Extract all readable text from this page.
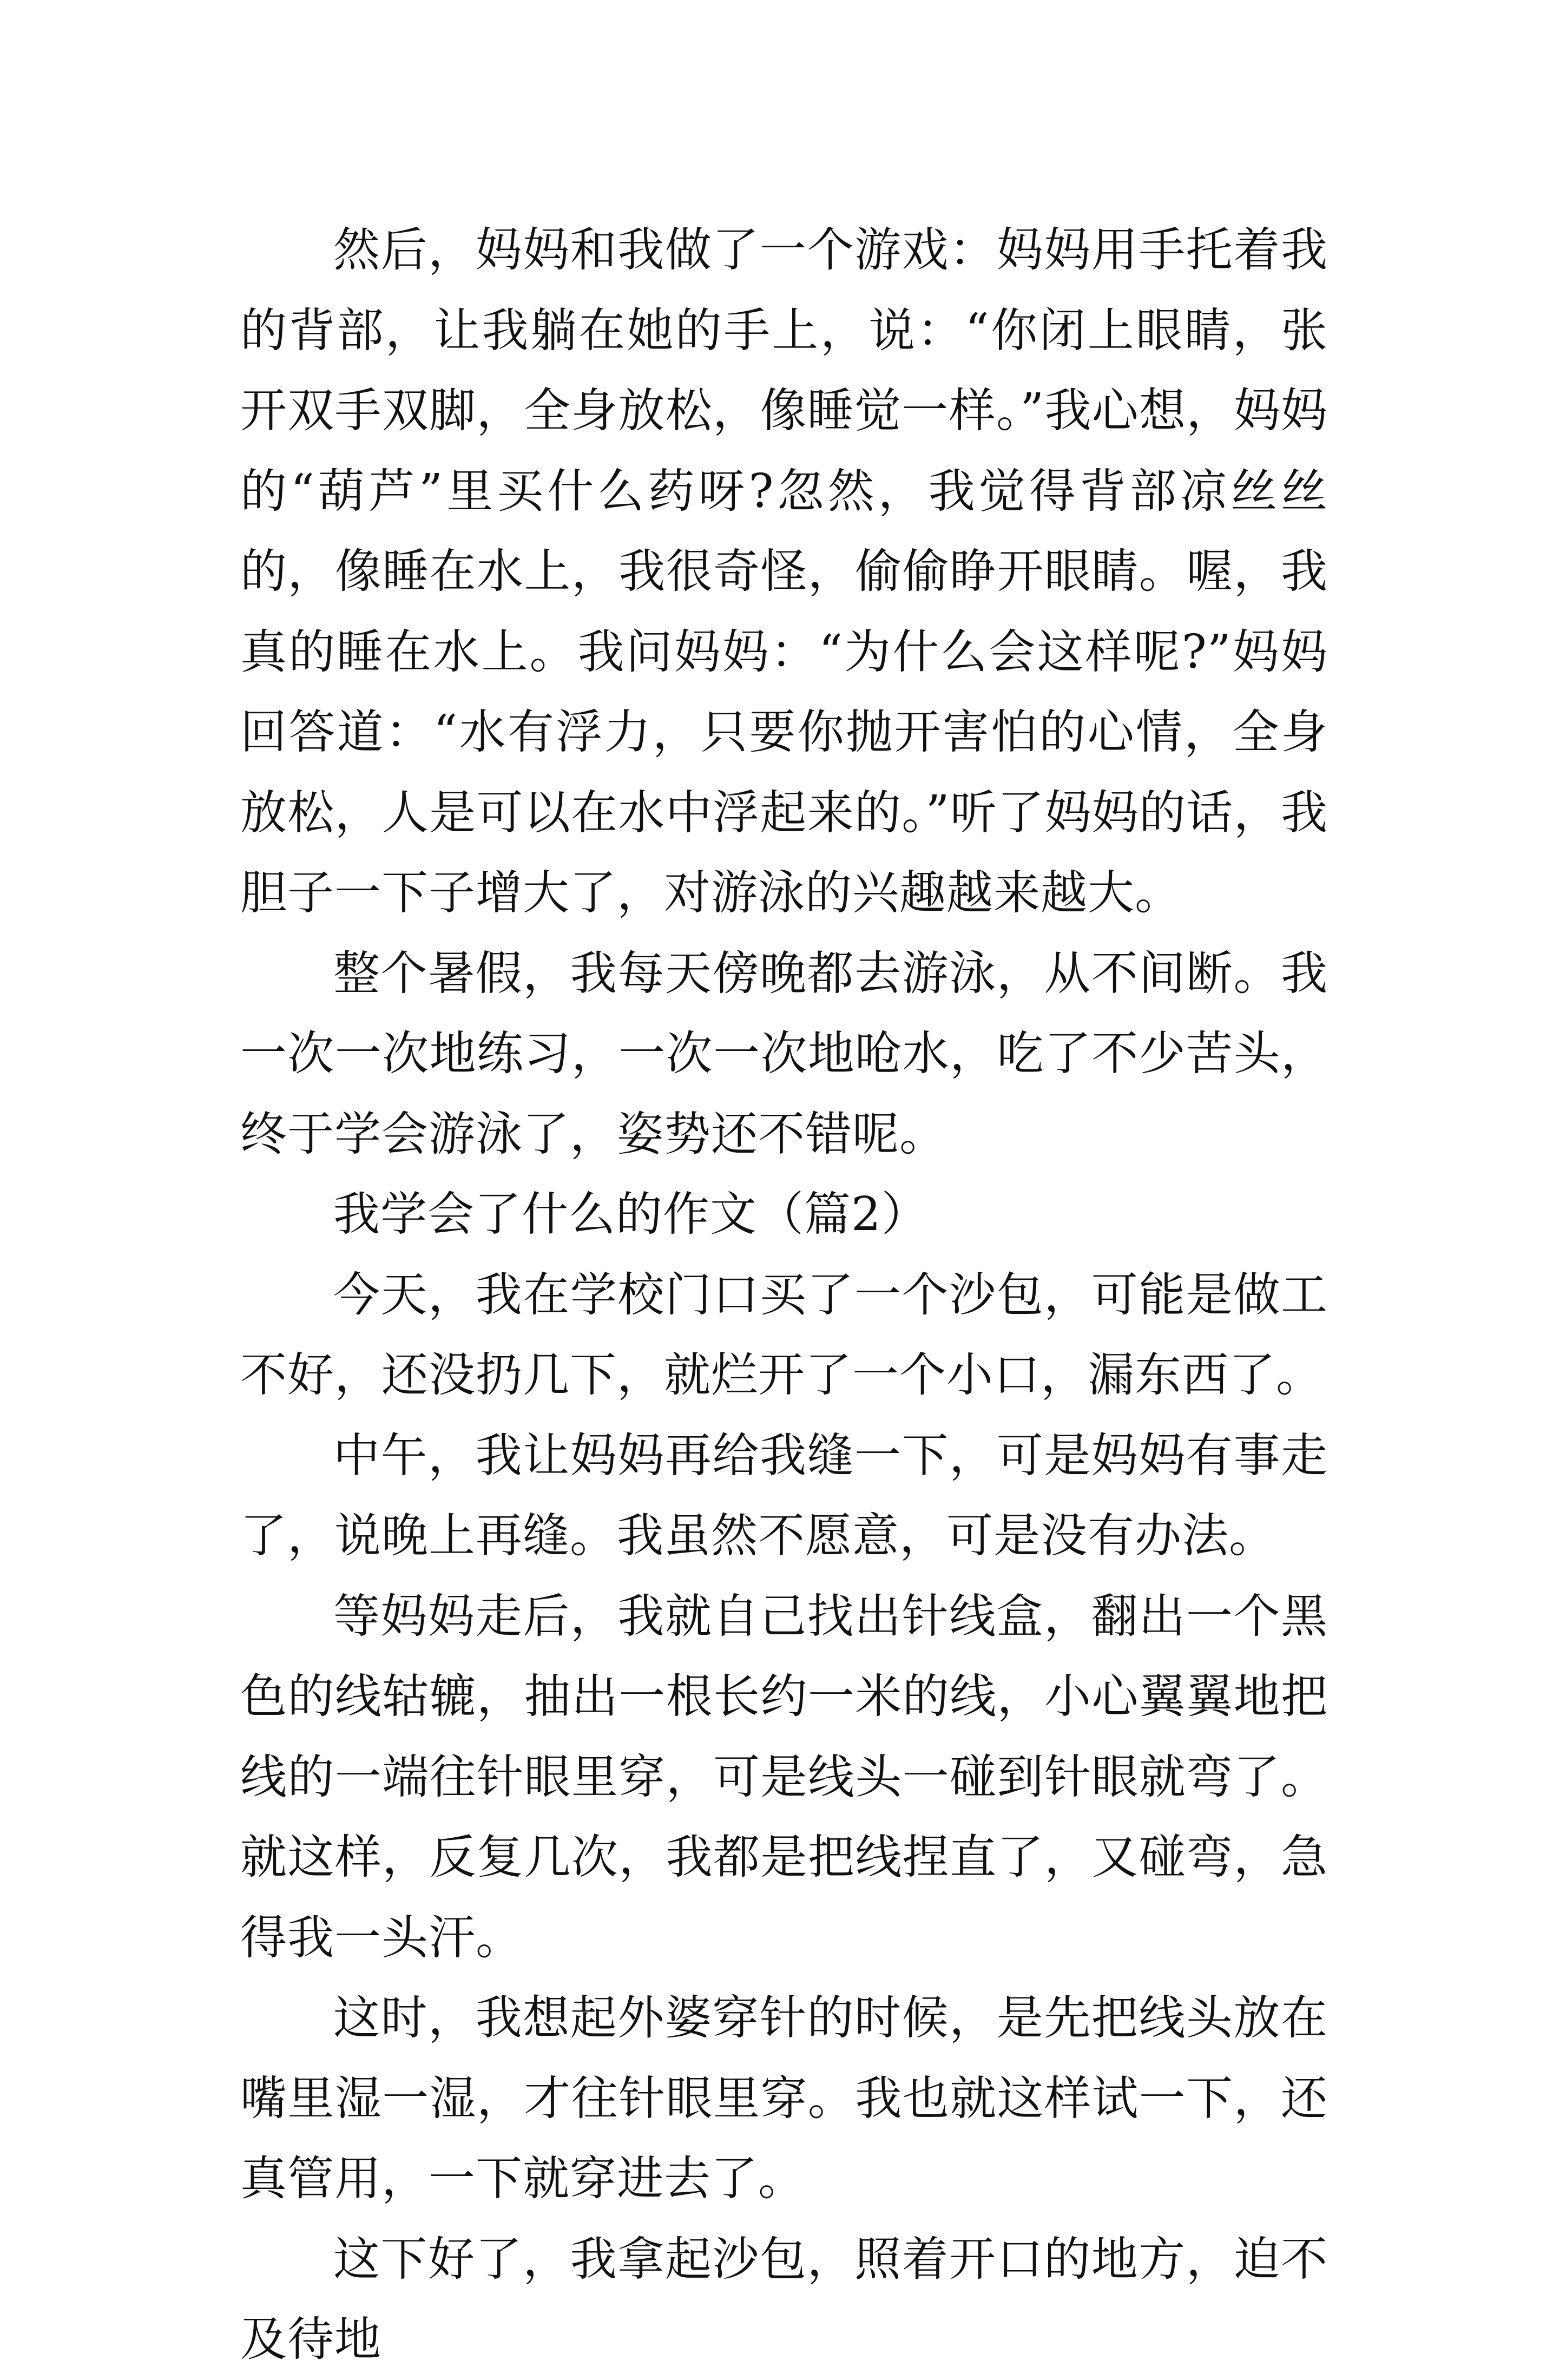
然后，妈妈和我做了一个游戏：妈妈用手托着我的背部，让我躺在她的手上，说：“你闭上眼睛，张开双手双脚，全身放松，像睡觉一样。”我心想，妈妈的“葫芦”里买什么药呀?忽然，我觉得背部凉丝丝的，像睡在水上，我很奇怪，偷偷睁开眼睛。喔，我真的睡在水上。我问妈妈：“为什么会这样呢?”妈妈回答道：“水有浮力，只要你抛开害怕的心情，全身放松，人是可以在水中浮起来的。”听了妈妈的话，我胆子一下子增大了，对游泳的兴趣越来越大。

整个暑假，我每天傍晚都去游泳，从不间断。我一次一次地练习，一次一次地呛水，吃了不少苦头，终于学会游泳了，姿势还不错呢。

我学会了什么的作文（篇2）

今天，我在学校门口买了一个沙包，可能是做工不好，还没扔几下，就烂开了一个小口，漏东西了。

中午，我让妈妈再给我缝一下，可是妈妈有事走了，说晚上再缝。我虽然不愿意，可是没有办法。

等妈妈走后，我就自己找出针线盒，翻出一个黑色的线轱辘，抽出一根长约一米的线，小心翼翼地把线的一端往针眼里穿，可是线头一碰到针眼就弯了。就这样，反复几次，我都是把线捏直了，又碰弯，急得我一头汗。

这时，我想起外婆穿针的时候，是先把线头放在嘴里湿一湿，才往针眼里穿。我也就这样试一下，还真管用，一下就穿进去了。

这下好了，我拿起沙包，照着开口的地方，迫不及待地
